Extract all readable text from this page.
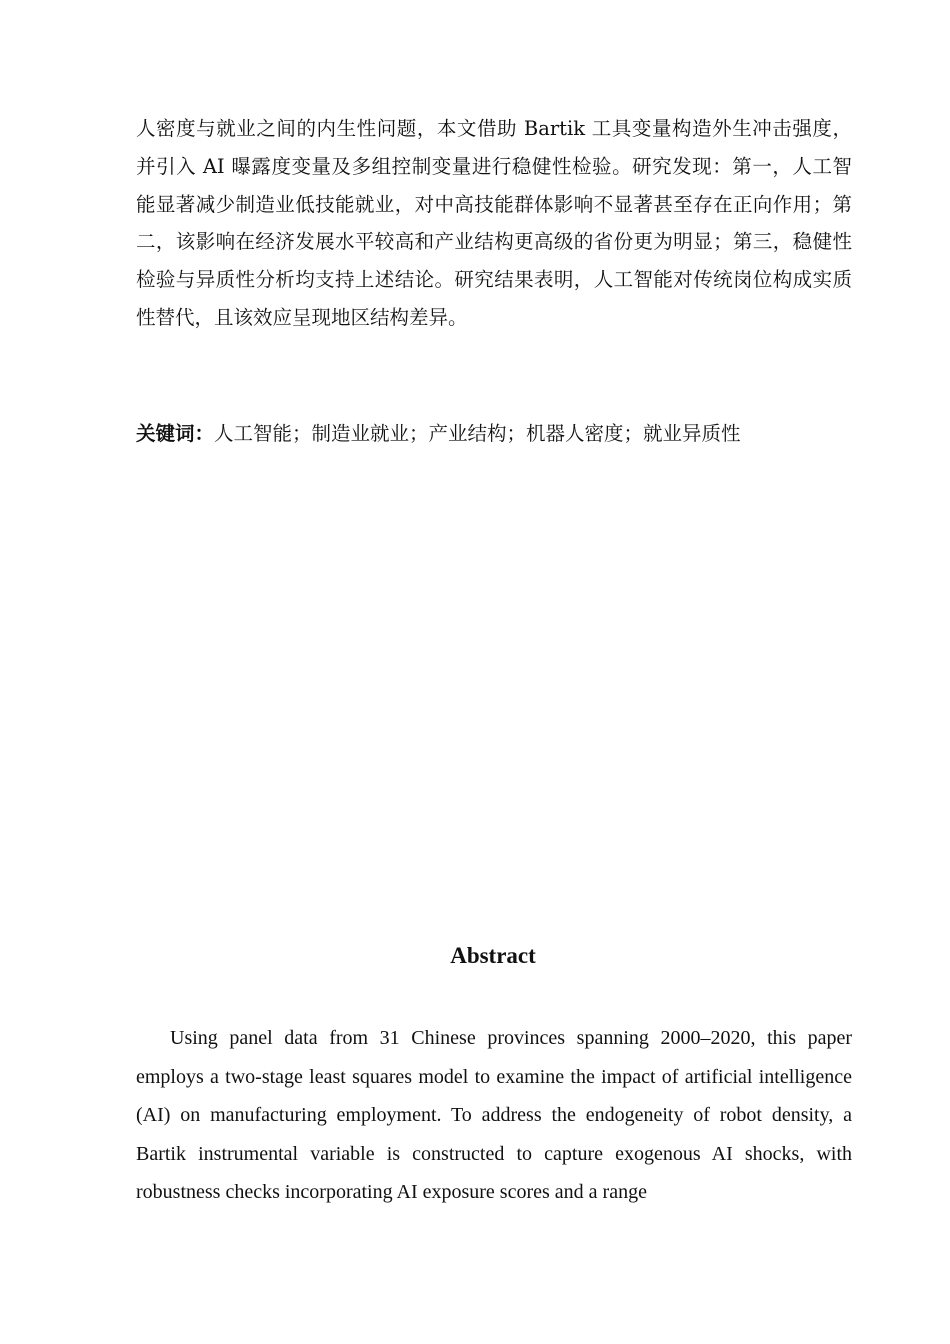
人密度与就业之间的内生性问题，本文借助 Bartik 工具变量构造外生冲击强度，并引入 AI 曝露度变量及多组控制变量进行稳健性检验。研究发现：第一，人工智能显著减少制造业低技能就业，对中高技能群体影响不显著甚至存在正向作用；第二，该影响在经济发展水平较高和产业结构更高级的省份更为明显；第三，稳健性检验与异质性分析均支持上述结论。研究结果表明，人工智能对传统岗位构成实质性替代，且该效应呈现地区结构差异。

关键词：人工智能；制造业就业；产业结构；机器人密度；就业异质性

Abstract

Using panel data from 31 Chinese provinces spanning 2000–2020, this paper employs a two-stage least squares model to examine the impact of artificial intelligence (AI) on manufacturing employment. To address the endogeneity of robot density, a Bartik instrumental variable is constructed to capture exogenous AI shocks, with robustness checks incorporating AI exposure scores and a range
